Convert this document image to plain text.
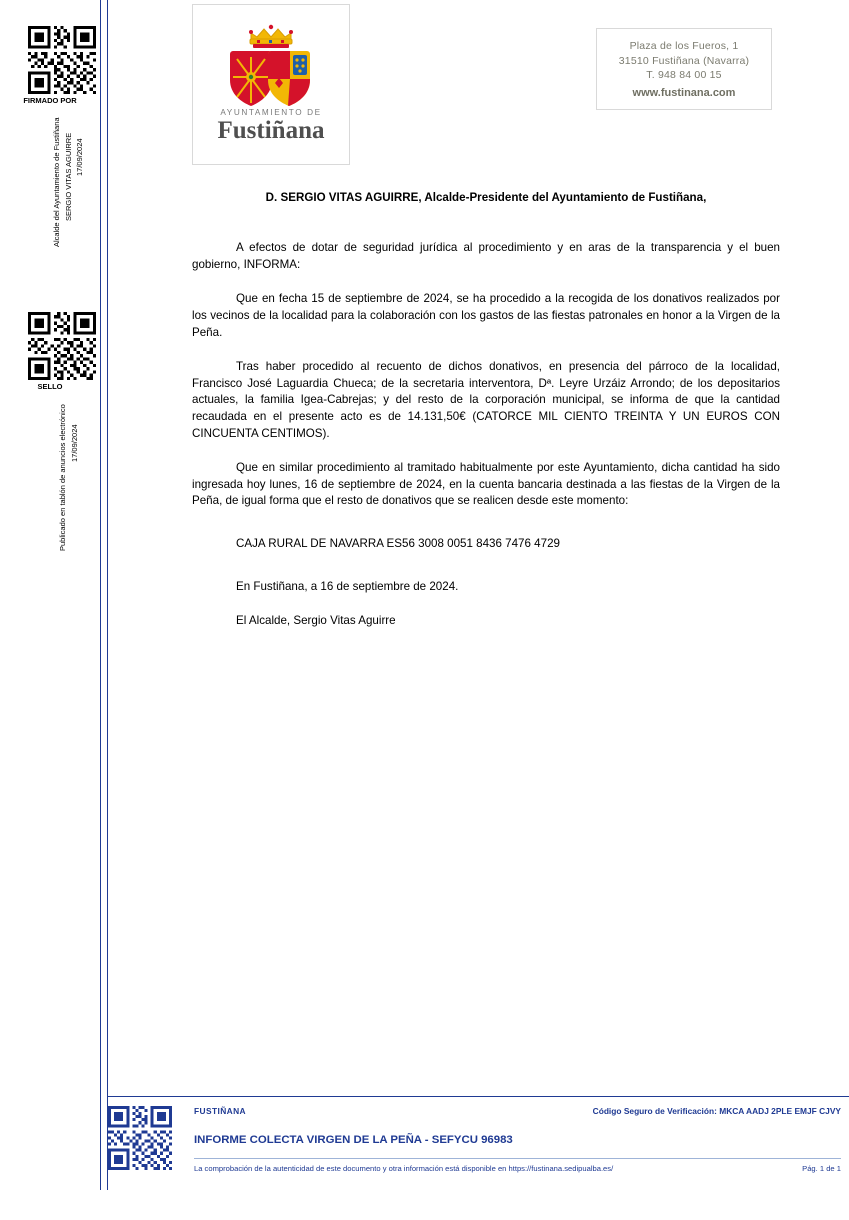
FIRMADO POR
Alcalde del Ayuntamiento de Fustiñana SERGIO VITAS AGUIRRE 17/09/2024
SELLO
Publicado en tablón de anuncios electrónico 17/09/2024
AYUNTAMIENTO DE
Fustiñana
Plaza de los Fueros, 1
31510 Fustiñana (Navarra)
T. 948 84 00 15
www.fustinana.com
D. SERGIO VITAS AGUIRRE, Alcalde-Presidente del Ayuntamiento de Fustiñana,

A efectos de dotar de seguridad jurídica al procedimiento y en aras de la transparencia y el buen gobierno, INFORMA:

Que en fecha 15 de septiembre de 2024, se ha procedido a la recogida de los donativos realizados por los vecinos de la localidad para la colaboración con los gastos de las fiestas patronales en honor a la Virgen de la Peña.

Tras haber procedido al recuento de dichos donativos, en presencia del párroco de la localidad, Francisco José Laguardia Chueca; de la secretaria interventora, Dª. Leyre Urzáiz Arrondo; de los depositarios actuales, la familia Igea-Cabrejas; y del resto de la corporación municipal, se informa de que la cantidad recaudada en el presente acto es de 14.131,50€ (CATORCE MIL CIENTO TREINTA Y UN EUROS CON CINCUENTA CENTIMOS).

Que en similar procedimiento al tramitado habitualmente por este Ayuntamiento, dicha cantidad ha sido ingresada hoy lunes, 16 de septiembre de 2024, en la cuenta bancaria destinada a las fiestas de la Virgen de la Peña, de igual forma que el resto de donativos que se realicen desde este momento:

CAJA RURAL DE NAVARRA ES56 3008 0051 8436 7476 4729

En Fustiñana, a 16 de septiembre de 2024.

El Alcalde, Sergio Vitas Aguirre

FUSTIÑANA	Código Seguro de Verificación: MKCA AADJ 2PLE EMJF CJVY
INFORME COLECTA VIRGEN DE LA PEÑA - SEFYCU 96983
La comprobación de la autenticidad de este documento y otra información está disponible en https://fustinana.sedipualba.es/	Pág. 1 de 1
